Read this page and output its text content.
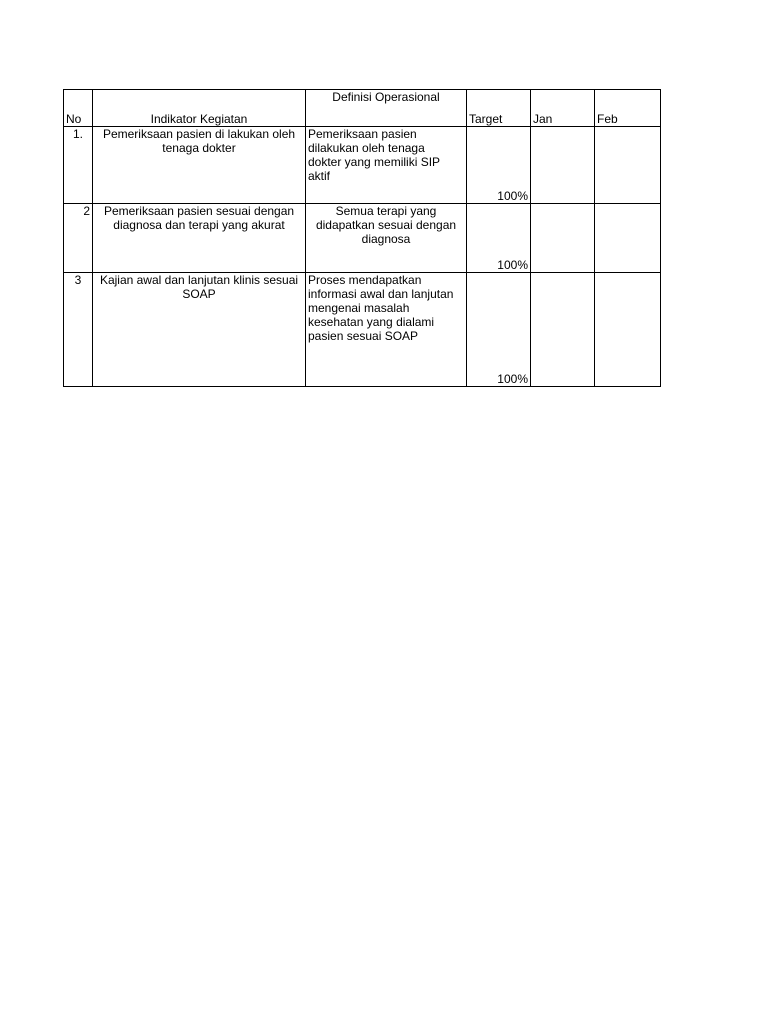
No	Indikator Kegiatan	Definisi Operasional	Target	Jan	Feb
1.	Pemeriksaan pasien di lakukan oleh
tenaga dokter	Pemeriksaan pasien
dilakukan oleh tenaga
dokter yang memiliki SIP
aktif	100%		
2	Pemeriksaan pasien sesuai dengan
diagnosa dan terapi yang akurat	Semua terapi yang
didapatkan sesuai dengan
diagnosa	100%		
3	Kajian awal dan lanjutan klinis sesuai
SOAP	Proses mendapatkan
informasi awal dan lanjutan
mengenai masalah
kesehatan yang dialami
pasien sesuai SOAP	100%		
